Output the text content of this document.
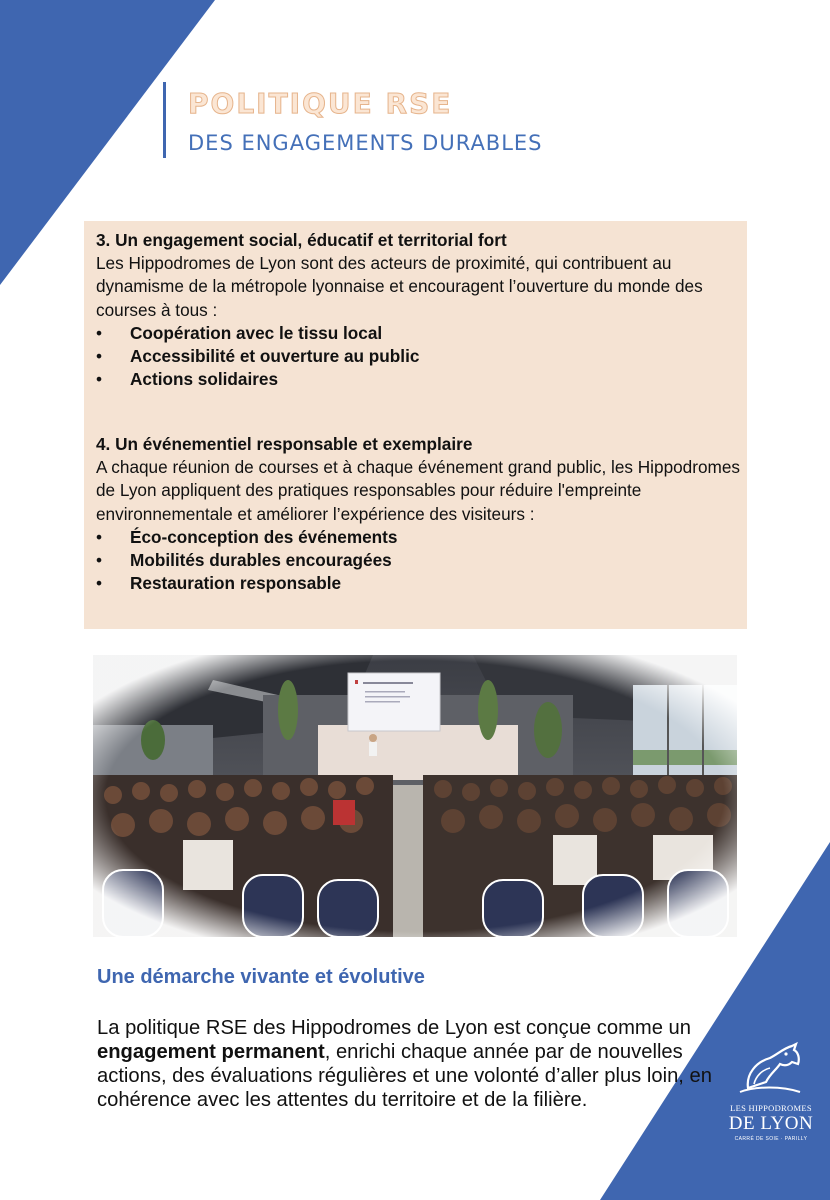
POLITIQUE RSE
DES ENGAGEMENTS DURABLES
3. Un engagement social, éducatif et territorial fort
Les Hippodromes de Lyon sont des acteurs de proximité, qui contribuent au dynamisme de la métropole lyonnaise et encouragent l’ouverture du monde des courses à tous :
• Coopération avec le tissu local
• Accessibilité et ouverture au public
• Actions solidaires
4. Un événementiel responsable et exemplaire
A chaque réunion de courses et à chaque événement grand public, les Hippodromes de Lyon appliquent des pratiques responsables pour réduire l'empreinte environnementale et améliorer l’expérience des visiteurs :
• Éco-conception des événements
• Mobilités durables encouragées
• Restauration responsable
Une démarche vivante et évolutive
La politique RSE des Hippodromes de Lyon est conçue comme un engagement permanent, enrichi chaque année par de nouvelles actions, des évaluations régulières et une volonté d’aller plus loin, en cohérence avec les attentes du territoire et de la filière.	LES HIPPODROMES
DE LYON
CARRÉ DE SOIE · PARILLY
